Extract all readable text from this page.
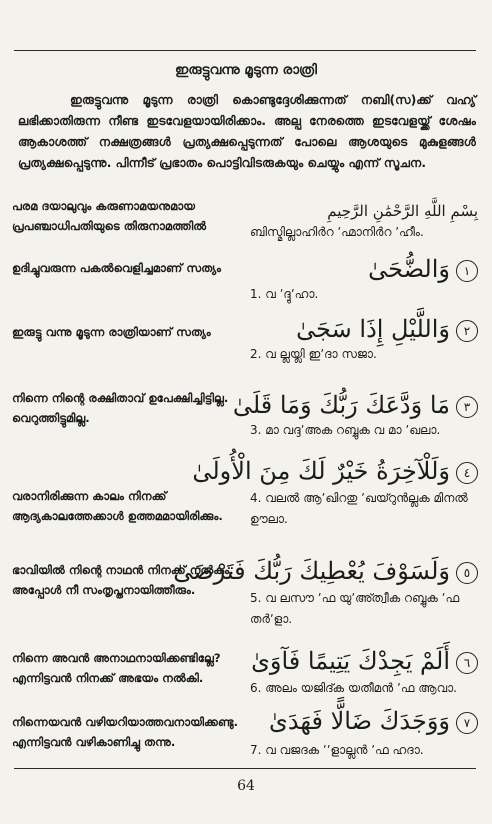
ഇരുട്ടുവന്നു മൂടുന്ന രാത്രി
ഇരുട്ടുവന്നു മൂടുന്ന രാത്രി കൊണ്ടുദ്ദേശിക്കുന്നത് നബി(സ)ക്ക് വഹ്യ് ലഭിക്കാതിരുന്ന നീണ്ട ഇടവേളയായിരിക്കാം. അല്പ നേരത്തെ ഇടവേളയ്ക്ക് ശേഷം ആകാശത്ത് നക്ഷത്രങ്ങൾ പ്രത്യക്ഷപ്പെടുന്നത് പോലെ ആശയുടെ മുകുളങ്ങൾ പ്രത്യക്ഷപ്പെടുന്നു. പിന്നീട് പ്രഭാതം പൊട്ടിവിടരുകയും ചെയ്യും എന്ന് സൂചന.
പരമ ദയാലുവും കരുണാമയനുമായ പ്രപഞ്ചാധിപതിയുടെ തിരുനാമത്തിൽ
بِسْمِ اللَّهِ الرَّحْمَٰنِ الرَّحِيمِ
ബിസ്മില്ലാഹിർറ ʼഹ്മാനിർറ ʼഹീം.
ഉദിച്ചുവരുന്ന പകൽവെളിച്ചമാണ് സത്യം	١وَالضُّحَىٰ
1. വ ʼദ്ദുʼഹാ.
ഇരുട്ടു വന്നു മൂടുന്ന രാത്രിയാണ് സത്യം	٢وَاللَّيْلِ إِذَا سَجَىٰ
2. വ ല്ലയ്ലി ഇʼദാ സജാ.
നിന്നെ നിന്റെ രക്ഷിതാവ് ഉപേക്ഷിച്ചിട്ടില്ല. വെറുത്തിട്ടുമില്ല.
٣مَا وَدَّعَكَ رَبُّكَ وَمَا قَلَىٰ
3. മാ വദ്ദʼഅക റബ്ബുക വ മാ ʼഖലാ.
٤وَلَلْآخِرَةُ خَيْرٌ لَكَ مِنَ الْأُولَىٰ
വരാനിരിക്കുന്ന കാലം നിനക്ക് ആദ്യകാലത്തേക്കാൾ ഉത്തമമായിരിക്കും.
4. വലൽ ആʼഖിറതു ʼഖയ്റുൻല്ലക മിനൽ ഊലാ.
٥وَلَسَوْفَ يُعْطِيكَ رَبُّكَ فَتَرْضَىٰ
ഭാവിയിൽ നിന്റെ നാഥൻ നിനക്ക് നൽകും. അപ്പോൾ നീ സംതൃപ്തനായിത്തീരും.
5. വ ലസൗ ʼഫ യുʼഅ്ത്വീക റബ്ബുക ʼഫ തർʼളാ.
٦أَلَمْ يَجِدْكَ يَتِيمًا فَآوَىٰ
നിന്നെ അവൻ അനാഥനായിക്കണ്ടില്ലേ? എന്നിട്ടവൻ നിനക്ക് അഭയം നൽകി.
6. അലം യജിദ്ക യതീമൻ ʼഫ ആവാ.
٧وَوَجَدَكَ ضَالًّا فَهَدَىٰ
നിന്നെയവൻ വഴിയറിയാത്തവനായിക്കണ്ടു. എന്നിട്ടവൻ വഴികാണിച്ചു തന്നു.
7. വ വജദക ʼʼളാല്ലൻ ʼഫ ഹദാ.
64
